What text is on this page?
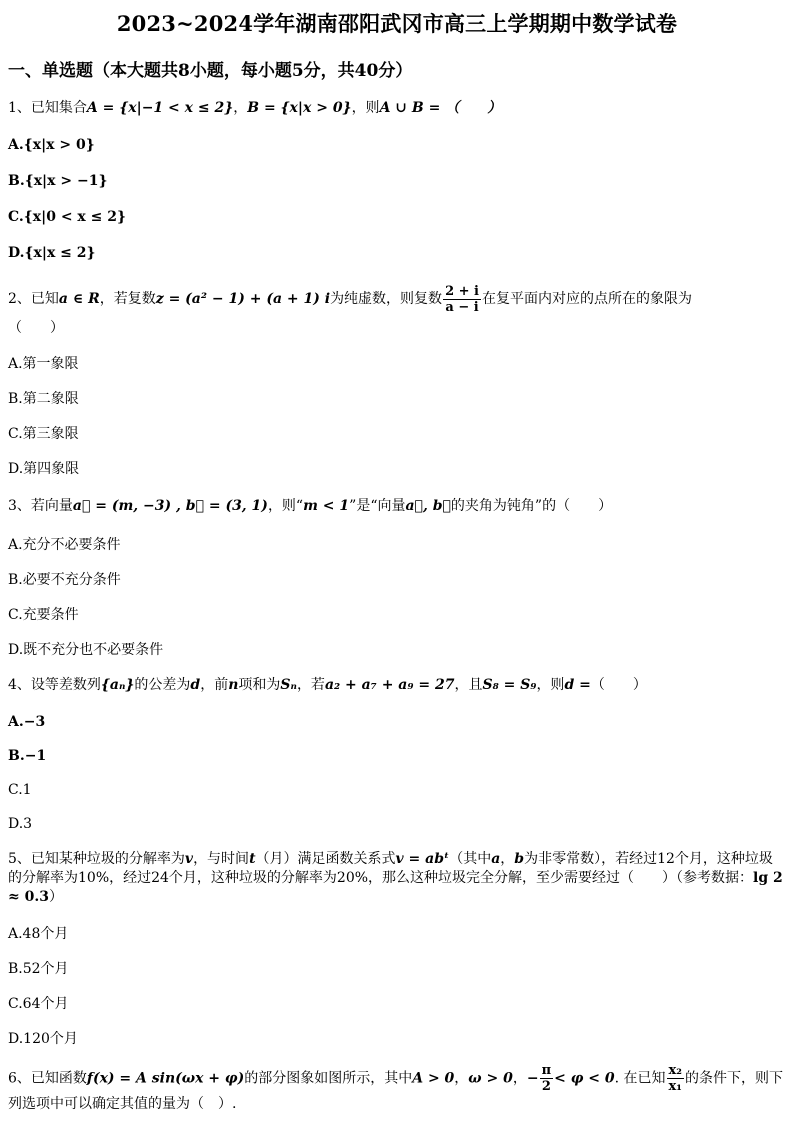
2023~2024学年湖南邵阳武冈市高三上学期期中数学试卷
一、单选题（本大题共8小题，每小题5分，共40分）
1、已知集合A = {x|−1 < x ≤ 2}，B = {x|x > 0}，则A ∪ B = （　　）
A.{x|x > 0}
B.{x|x > −1}
C.{x|0 < x ≤ 2}
D.{x|x ≤ 2}
2、已知a ∈ R，若复数z = (a² − 1) + (a + 1) i为纯虚数，则复数 $\frac{2 + i}{a - i}$ 在复平面内对应的点所在的象限为
（　　）
A.第一象限
B.第二象限
C.第三象限
D.第四象限
3、若向量a⃗ = (m, −3) , b⃗ = (3, 1)，则“m < 1”是“向量a⃗, b⃗的夹角为钝角”的（　　）
A.充分不必要条件
B.必要不充分条件
C.充要条件
D.既不充分也不必要条件
4、设等差数列{aₙ}的公差为d，前n项和为Sₙ，若a₂ + a₇ + a₉ = 27，且S₈ = S₉，则d =（　　）
A.−3
B.−1
C.1
D.3
5、已知某种垃圾的分解率为v，与时间t（月）满足函数关系式v = abᵗ（其中a，b为非零常数），若经过12个月，这种垃圾的分解率为10%，经过24个月，这种垃圾的分解率为20%，那么这种垃圾完全分解，至少需要经过（　　）（参考数据：lg 2 ≈ 0.3）
A.48个月
B.52个月
C.64个月
D.120个月
6、已知函数f(x) = A sin(ωx + φ)的部分图象如图所示，其中A > 0，ω > 0，− $\frac{\pi}{2} < \varphi < 0$. 在已知 $\frac{\text{x₂}}{\text{x₁}}$ 的条件下，则下列选项中可以确定其值的量为（　）.
